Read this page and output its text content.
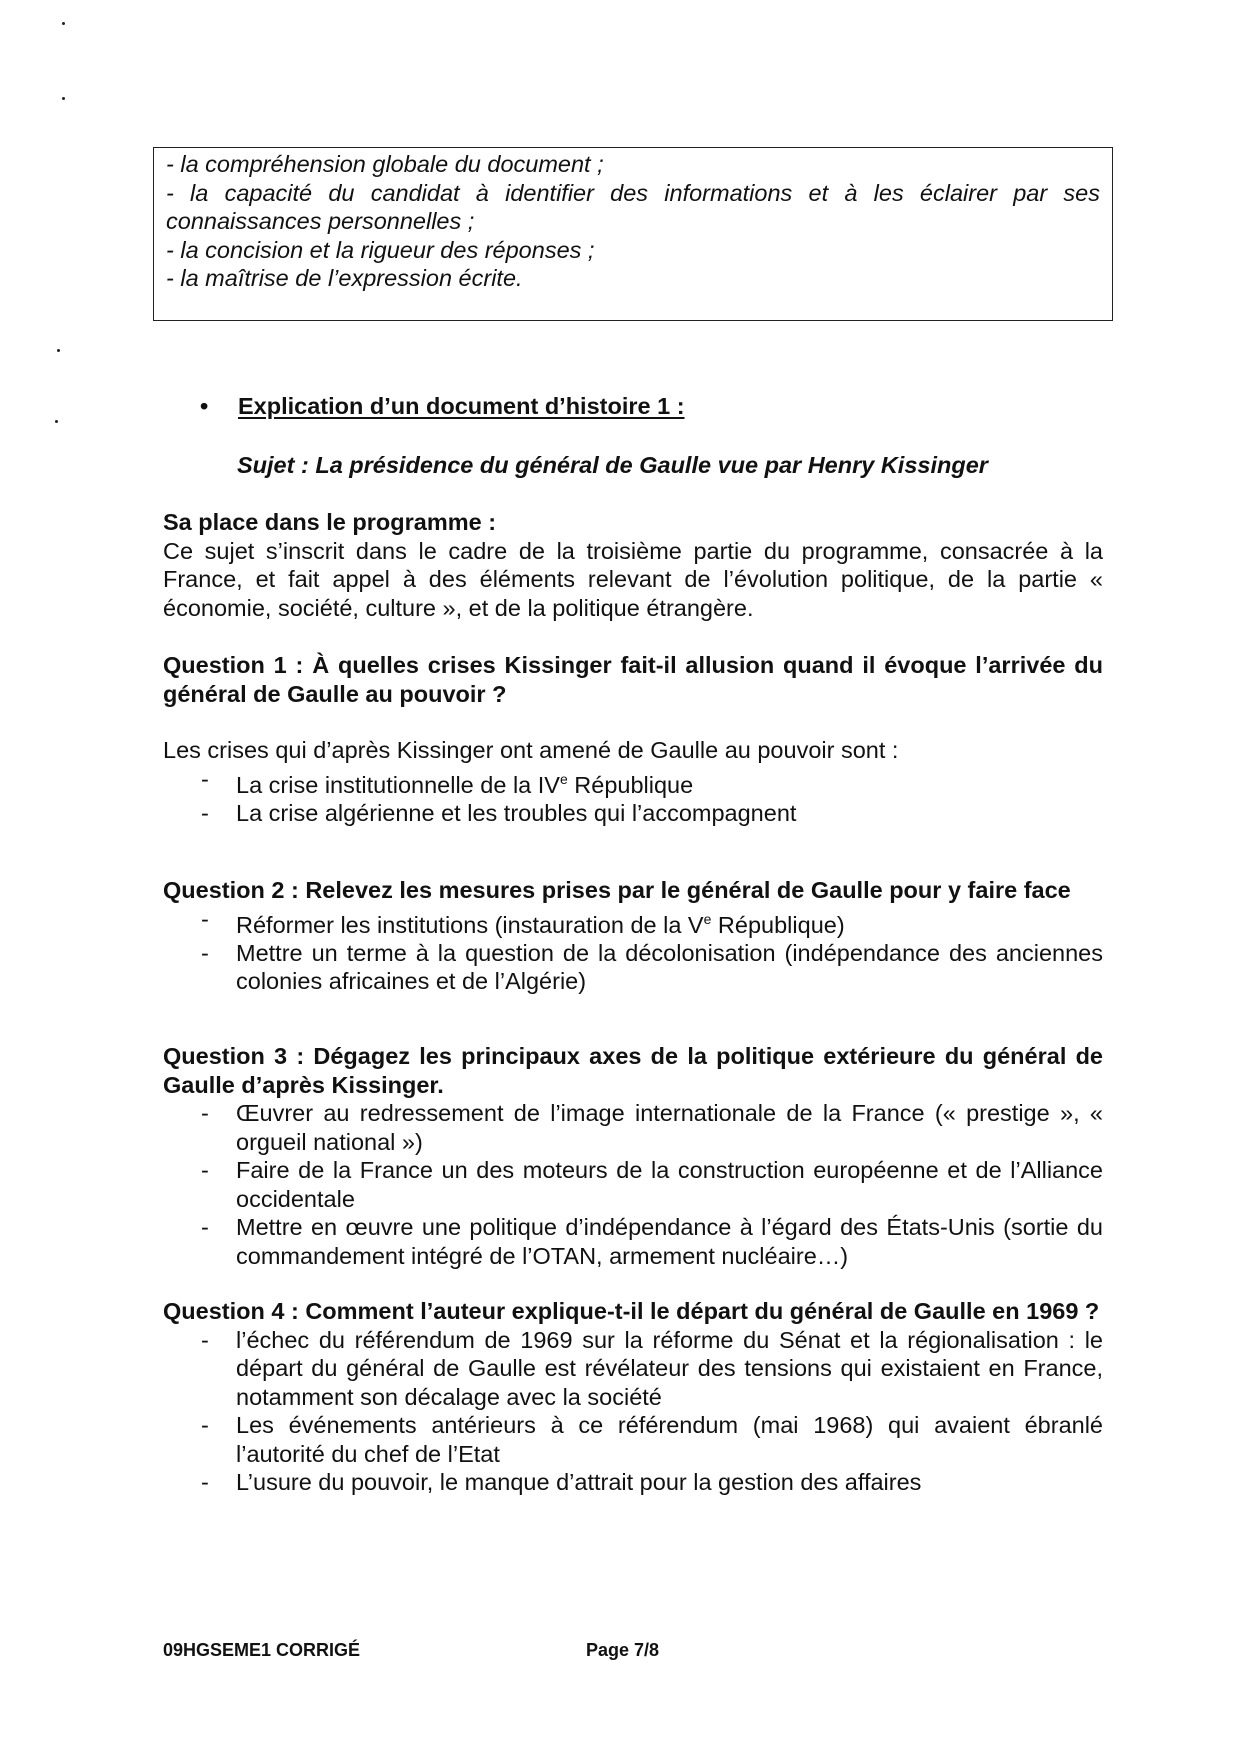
- la compréhension globale du document ;
- la capacité du candidat à identifier des informations et à les éclairer par ses connaissances personnelles ;
- la concision et la rigueur des réponses ;
- la maîtrise de l’expression écrite.
• Explication d’un document d’histoire 1 :
Sujet : La présidence du général de Gaulle vue par Henry Kissinger
Sa place dans le programme :

Ce sujet s’inscrit dans le cadre de la troisième partie du programme, consacrée à la France, et fait appel à des éléments relevant de l’évolution politique, de la partie « économie, société, culture », et de la politique étrangère.

Question 1 : À quelles crises Kissinger fait-il allusion quand il évoque l’arrivée du général de Gaulle au pouvoir ?

Les crises qui d’après Kissinger ont amené de Gaulle au pouvoir sont :

- La crise institutionnelle de la IVe République
- La crise algérienne et les troubles qui l’accompagnent

Question 2 : Relevez les mesures prises par le général de Gaulle pour y faire face

- Réformer les institutions (instauration de la Ve République)
- Mettre un terme à la question de la décolonisation (indépendance des anciennes colonies africaines et de l’Algérie)

Question 3 : Dégagez les principaux axes de la politique extérieure du général de Gaulle d’après Kissinger.

- Œuvrer au redressement de l’image internationale de la France (« prestige », « orgueil national »)
- Faire de la France un des moteurs de la construction européenne et de l’Alliance occidentale
- Mettre en œuvre une politique d’indépendance à l’égard des États-Unis (sortie du commandement intégré de l’OTAN, armement nucléaire…)

Question 4 : Comment l’auteur explique-t-il le départ du général de Gaulle en 1969 ?

- l’échec du référendum de 1969 sur la réforme du Sénat et la régionalisation : le départ du général de Gaulle est révélateur des tensions qui existaient en France, notamment son décalage avec la société
- Les événements antérieurs à ce référendum (mai 1968) qui avaient ébranlé l’autorité du chef de l’Etat
- L’usure du pouvoir, le manque d’attrait pour la gestion des affaires
09HGSEME1 CORRIGÉ	Page 7/8
